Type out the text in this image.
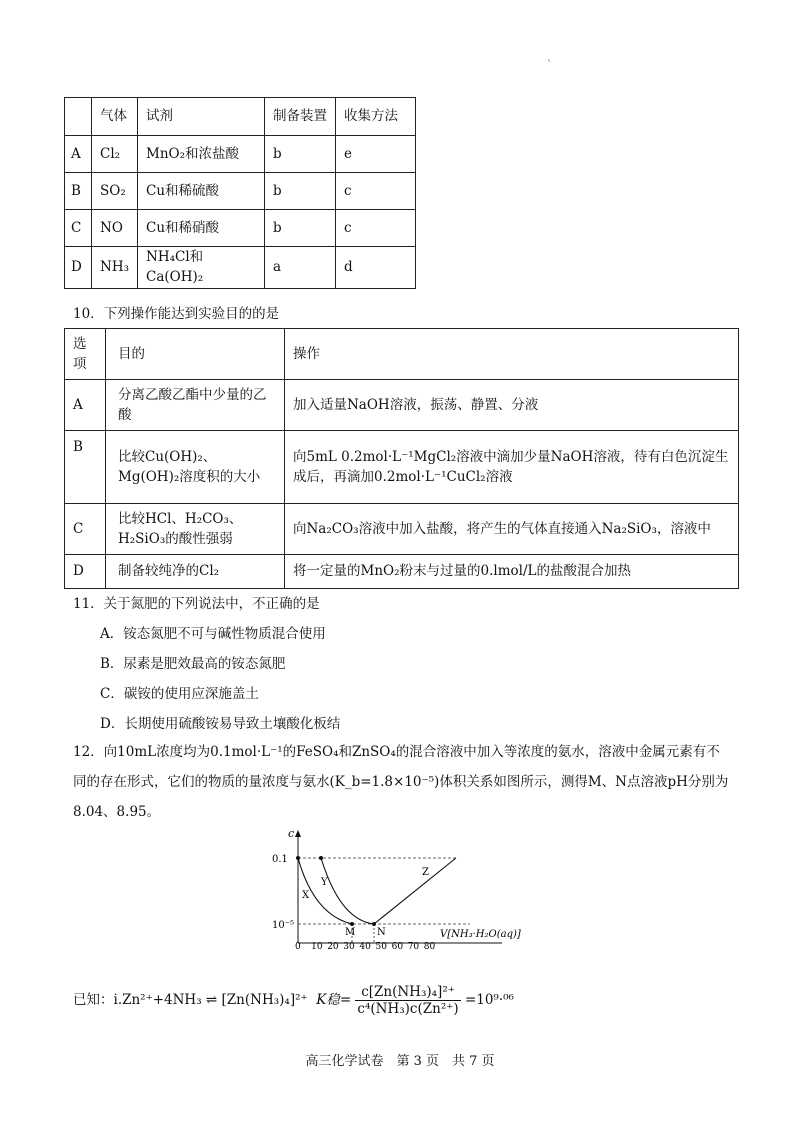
`
	气体	试剂	制备装置	收集方法
A	Cl₂	MnO₂和浓盐酸	b	e
B	SO₂	Cu和稀硫酸	b	c
C	NO	Cu和稀硝酸	b	c
D	NH₃	NH₄Cl和Ca(OH)₂	a	d
10．下列操作能达到实验目的的是
选项	目的	操作
A	分离乙酸乙酯中少量的乙酸	加入适量NaOH溶液，振荡、静置、分液
B	比较Cu(OH)₂、Mg(OH)₂溶度积的大小	向5mL 0.2mol·L⁻¹MgCl₂溶液中滴加少量NaOH溶液，待有白色沉淀生成后，再滴加0.2mol·L⁻¹CuCl₂溶液
C	比较HCl、H₂CO₃、H₂SiO₃的酸性强弱	向Na₂CO₃溶液中加入盐酸，将产生的气体直接通入Na₂SiO₃，溶液中
D	制备较纯净的Cl₂	将一定量的MnO₂粉末与过量的0.lmol/L的盐酸混合加热
11．关于氮肥的下列说法中，不正确的是
A．铵态氮肥不可与碱性物质混合使用
B．尿素是肥效最高的铵态氮肥
C．碳铵的使用应深施盖土
D．长期使用硫酸铵易导致土壤酸化板结
12．向10mL浓度均为0.1mol·L⁻¹的FeSO₄和ZnSO₄的混合溶液中加入等浓度的氨水，溶液中金属元素有不同的存在形式，它们的物质的量浓度与氨水(K_b=1.8×10⁻⁵)体积关系如图所示，测得M、N点溶液pH分别为8.04、8.95。
c
0.1
10⁻⁵
X
Y
Z
M N	V[NH₃·H₂O(aq)]
0 10 20 30 40 50 60 70 80
已知：i.Zn²⁺+4NH₃ ⇌ [Zn(NH₃)₄]²⁺ K稳= $\frac{\text{c[Zn(NH₃)₄]²⁺}}{\text{c⁴(NH₃)c(Zn²⁺)}} =10^9\cdot^{06}$
高三化学试卷　第 3 页　共 7 页
